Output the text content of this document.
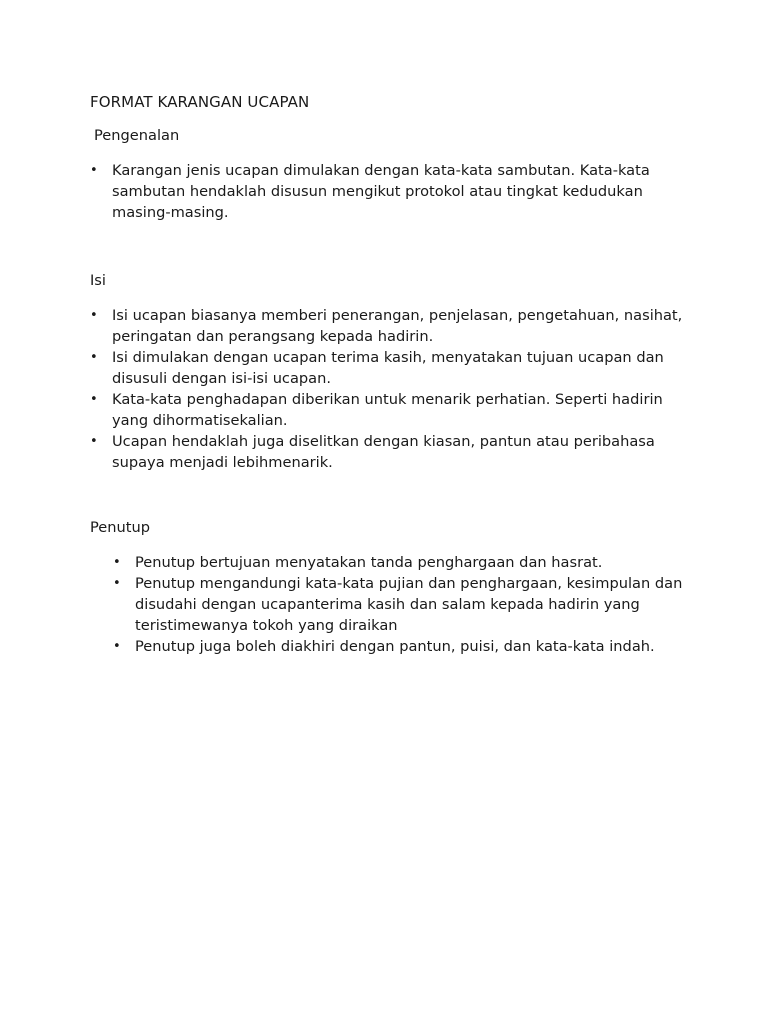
FORMAT KARANGAN UCAPAN
Pengenalan
• Karangan jenis ucapan dimulakan dengan kata-kata sambutan. Kata-kata sambutan hendaklah disusun mengikut protokol atau tingkat kedudukan masing-masing.
Isi
• Isi ucapan biasanya memberi penerangan, penjelasan, pengetahuan, nasihat, peringatan dan perangsang kepada hadirin.
• Isi dimulakan dengan ucapan terima kasih, menyatakan tujuan ucapan dan disusuli dengan isi-isi ucapan.
• Kata-kata penghadapan diberikan untuk menarik perhatian. Seperti hadirin yang dihormatisekalian.
• Ucapan hendaklah juga diselitkan dengan kiasan, pantun atau peribahasa supaya menjadi lebihmenarik.
Penutup
• Penutup bertujuan menyatakan tanda penghargaan dan hasrat.
• Penutup mengandungi kata-kata pujian dan penghargaan, kesimpulan dan disudahi dengan ucapanterima kasih dan salam kepada hadirin yang teristimewanya tokoh yang diraikan
• Penutup juga boleh diakhiri dengan pantun, puisi, dan kata-kata indah.
